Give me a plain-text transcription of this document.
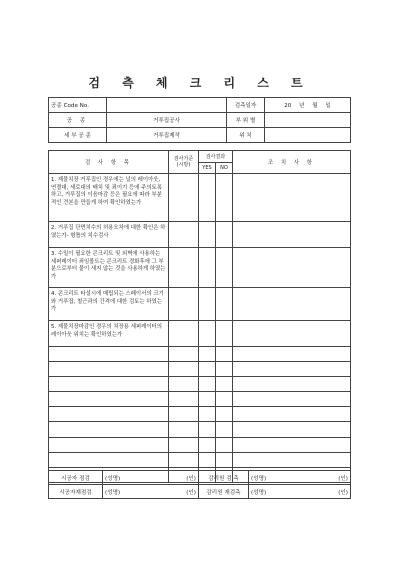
검 측 체 크 리 스 트
공종 Code No.		검측일자	20 년 월 일
공 종	거푸집공사	부 위 별	
세 부 공 종	거푸집제작	위 치	
검 사 항 목	검사기준 (시방)	검사결과		조 치 사 항
		YES	NO	
1. 제물치장 거푸집인 경우에는 널의 레이아웃, 연결대, 세로대의 배치 및 죄이기 등에 주의토록 하고, 거푸집의 이음마감 등은 필요에 따라 부분적인 견본을 만들게 하여 확인하였는가				
2. 거푸집 단면치수의 허용오차에 대한 확인은 하였는가- 형틀의 치수검사				
3. 수밀이 필요한 콘크리트 및 외벽에 사용하는 세퍼레이터 죄임볼트는 콘크리트 경화후에 그 부분으로부터 물이 새지 않는 것을 사용하게 하였는가				
4. 콘크리트 타설시에 매립되는 스페이서의 크기와 거푸집, 철근과의 간격에 대한 검토는 하였는가				
5. 제물치장마감인 경우의 치장용 세퍼레이터의 레이아웃 위치는 확인하였는가				

시공자 점검	(성명)	(인)	감리원 검 측	(성명)	(인)
시공자재점검	(성명)	(인)	감리원 재검측	(성명)	(인)
